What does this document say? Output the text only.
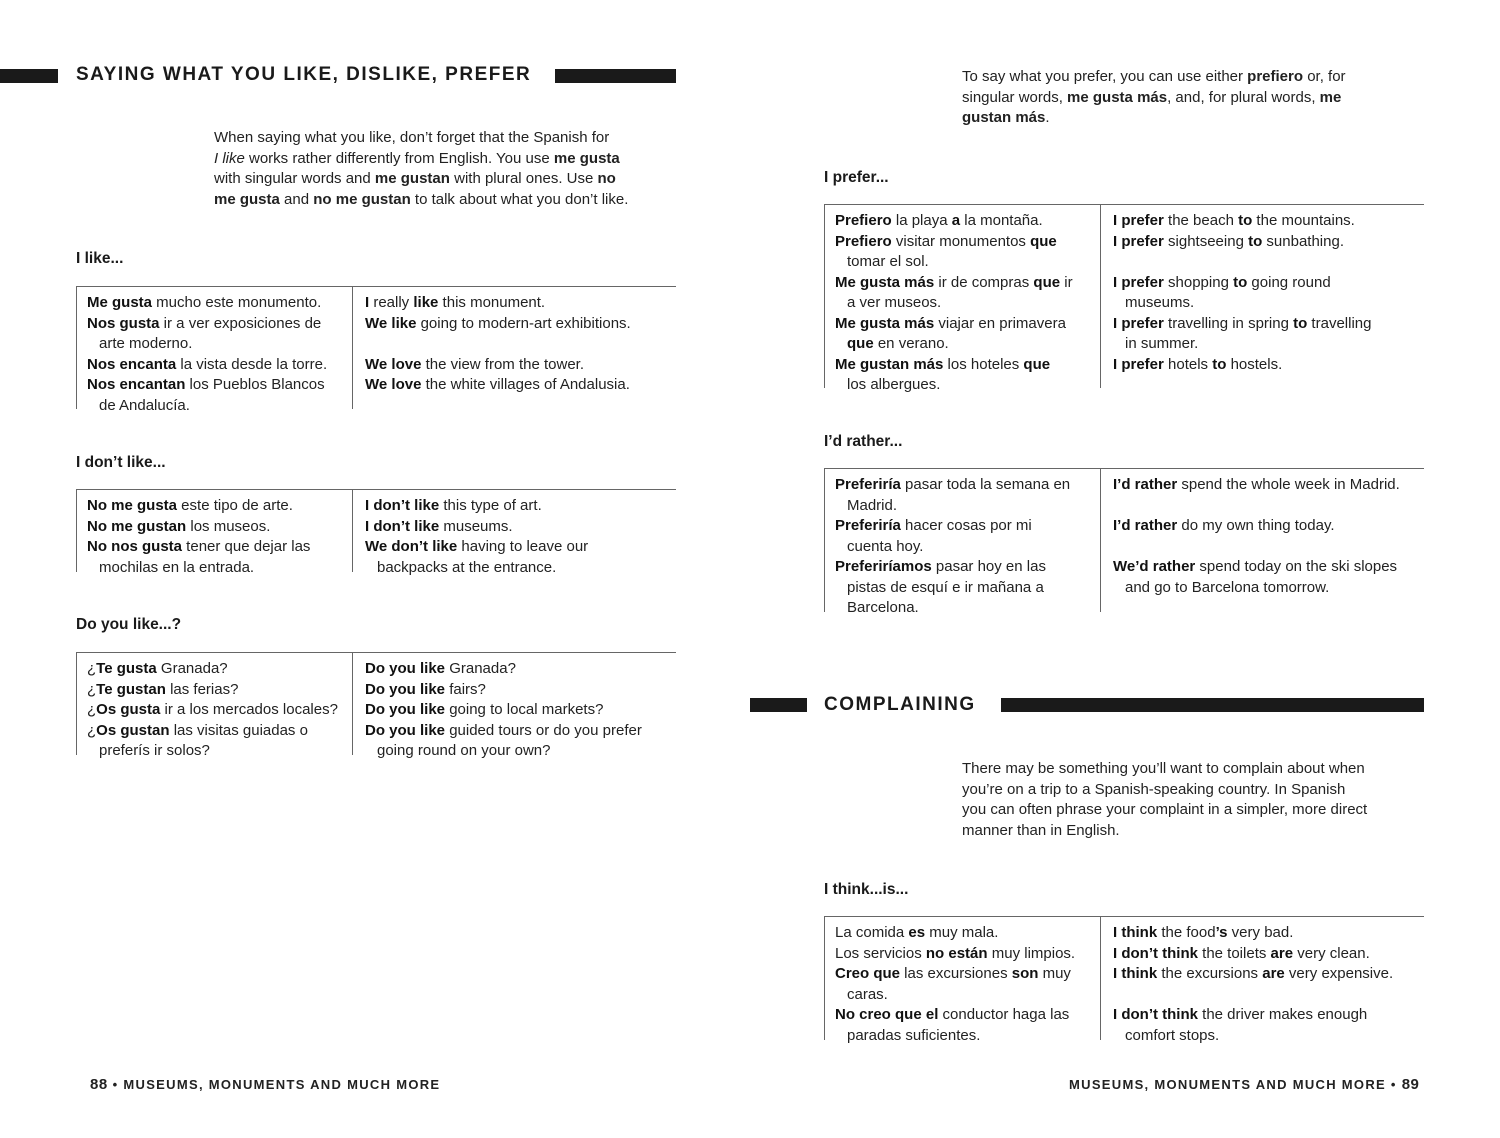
SAYING WHAT YOU LIKE, DISLIKE, PREFER
When saying what you like, don’t forget that the Spanish for
I like works rather differently from English. You use me gusta
with singular words and me gustan with plural ones. Use no
me gusta and no me gustan to talk about what you don’t like.
I like...
Me gusta mucho este monumento.
Nos gusta ir a ver exposiciones de
arte moderno.
Nos encanta la vista desde la torre.
Nos encantan los Pueblos Blancos
de Andalucía.
I really like this monument.
We like going to modern-art exhibitions.
We love the view from the tower.
We love the white villages of Andalusia.
I don’t like...
No me gusta este tipo de arte.
No me gustan los museos.
No nos gusta tener que dejar las
mochilas en la entrada.
I don’t like this type of art.
I don’t like museums.
We don’t like having to leave our
backpacks at the entrance.
Do you like...?
¿Te gusta Granada?
¿Te gustan las ferias?
¿Os gusta ir a los mercados locales?
¿Os gustan las visitas guiadas o
preferís ir solos?
Do you like Granada?
Do you like fairs?
Do you like going to local markets?
Do you like guided tours or do you prefer
going round on your own?
88 • MUSEUMS, MONUMENTS AND MUCH MORE
To say what you prefer, you can use either prefiero or, for
singular words, me gusta más, and, for plural words, me
gustan más.
I prefer...
Prefiero la playa a la montaña.
Prefiero visitar monumentos que
tomar el sol.
Me gusta más ir de compras que ir
a ver museos.
Me gusta más viajar en primavera
que en verano.
Me gustan más los hoteles que
los albergues.
I prefer the beach to the mountains.
I prefer sightseeing to sunbathing.
I prefer shopping to going round
museums.
I prefer travelling in spring to travelling
in summer.
I prefer hotels to hostels.
I’d rather...
Preferiría pasar toda la semana en
Madrid.
Preferiría hacer cosas por mi
cuenta hoy.
Preferiríamos pasar hoy en las
pistas de esquí e ir mañana a
Barcelona.
I’d rather spend the whole week in Madrid.
I’d rather do my own thing today.
We’d rather spend today on the ski slopes
and go to Barcelona tomorrow.
COMPLAINING
There may be something you’ll want to complain about when
you’re on a trip to a Spanish-speaking country. In Spanish
you can often phrase your complaint in a simpler, more direct
manner than in English.
I think...is...
La comida es muy mala.
Los servicios no están muy limpios.
Creo que las excursiones son muy
caras.
No creo que el conductor haga las
paradas suficientes.
I think the food’s very bad.
I don’t think the toilets are very clean.
I think the excursions are very expensive.
I don’t think the driver makes enough
comfort stops.
MUSEUMS, MONUMENTS AND MUCH MORE • 89
